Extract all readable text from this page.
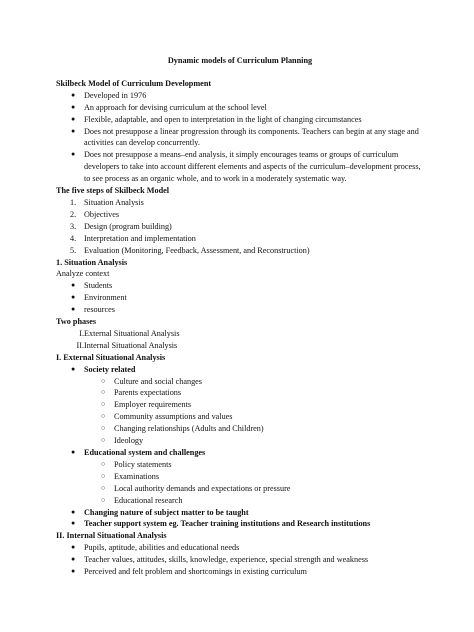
Dynamic models of Curriculum Planning
Skilbeck Model of Curriculum Development
● Developed in 1976
● An approach for devising curriculum at the school level
● Flexible, adaptable, and open to interpretation in the light of changing circumstances
● Does not presuppose a linear progression through its components. Teachers can begin at any stage and activities can develop concurrently.
● Does not presuppose a means–end analysis, it simply encourages teams or groups of curriculum developers to take into account different elements and aspects of the curriculum–development process, to see process as an organic whole, and to work in a moderately systematic way.
The five steps of Skilbeck Model
1. Situation Analysis
2. Objectives
3. Design (program building)
4. Interpretation and implementation
5. Evaluation (Monitoring, Feedback, Assessment, and Reconstruction)
1. Situation Analysis
Analyze context
● Students
● Environment
● resources
Two phases
I. External Situational Analysis
II. Internal Situational Analysis
I. External Situational Analysis
● Society related
○ Culture and social changes
○ Parents expectations
○ Employer requirements
○ Community assumptions and values
○ Changing relationships (Adults and Children)
○ Ideology
● Educational system and challenges
○ Policy statements
○ Examinations
○ Local authority demands and expectations or pressure
○ Educational research
● Changing nature of subject matter to be taught
● Teacher support system eg. Teacher training institutions and Research institutions
II. Internal Situational Analysis
● Pupils, aptitude, abilities and educational needs
● Teacher values, attitudes, skills, knowledge, experience, special strength and weakness
● Perceived and felt problem and shortcomings in existing curriculum
